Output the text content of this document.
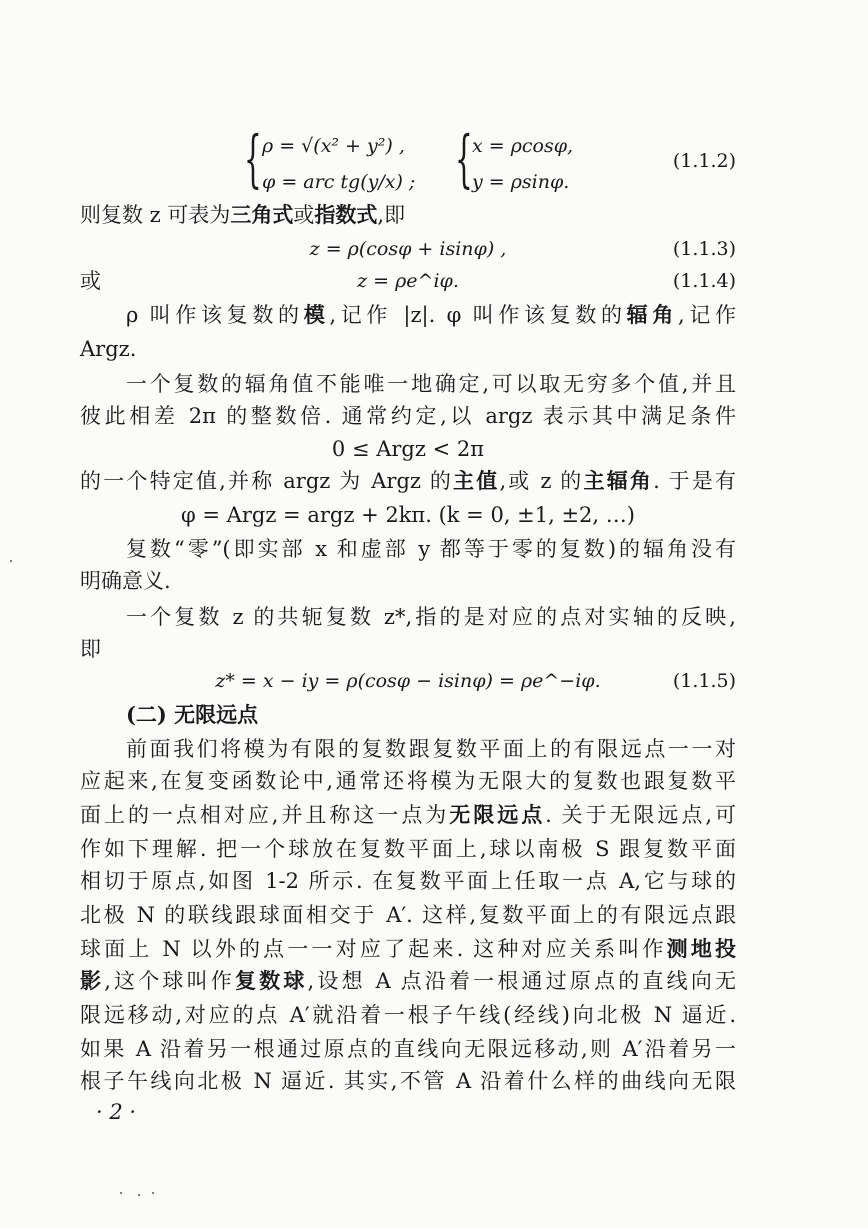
{ ρ = √(x² + y²) ,
φ = arc tg(y/x) ; { x = ρcosφ,
y = ρsinφ.
(1.1.2)
则复数 z 可表为三角式或指数式,即
z = ρ(cosφ + isinφ) ,	(1.1.3)
或	z = ρe^iφ.	(1.1.4)
ρ 叫作该复数的模,记作 |z|. φ 叫作该复数的辐角,记作
Argz.
一个复数的辐角值不能唯一地确定,可以取无穷多个值,并且
彼此相差 2π 的整数倍. 通常约定,以 argz 表示其中满足条件
0 ≤ Argz < 2π
的一个特定值,并称 argz 为 Argz 的主值,或 z 的主辐角. 于是有
φ = Argz = argz + 2kπ. (k = 0, ±1, ±2, …)
复数“零”(即实部 x 和虚部 y 都等于零的复数)的辐角没有
明确意义.
一个复数 z 的共轭复数 z*,指的是对应的点对实轴的反映,
即
z* = x − iy = ρ(cosφ − isinφ) = ρe^−iφ.	(1.1.5)
(二) 无限远点
前面我们将模为有限的复数跟复数平面上的有限远点一一对
应起来,在复变函数论中,通常还将模为无限大的复数也跟复数平
面上的一点相对应,并且称这一点为无限远点. 关于无限远点,可
作如下理解. 把一个球放在复数平面上,球以南极 S 跟复数平面
相切于原点,如图 1-2 所示. 在复数平面上任取一点 A,它与球的
北极 N 的联线跟球面相交于 A′. 这样,复数平面上的有限远点跟
球面上 N 以外的点一一对应了起来. 这种对应关系叫作测地投
影,这个球叫作复数球,设想 A 点沿着一根通过原点的直线向无
限远移动,对应的点 A′就沿着一根子午线(经线)向北极 N 逼近.
如果 A 沿着另一根通过原点的直线向无限远移动,则 A′沿着另一
根子午线向北极 N 逼近. 其实,不管 A 沿着什么样的曲线向无限
· 2 ·
